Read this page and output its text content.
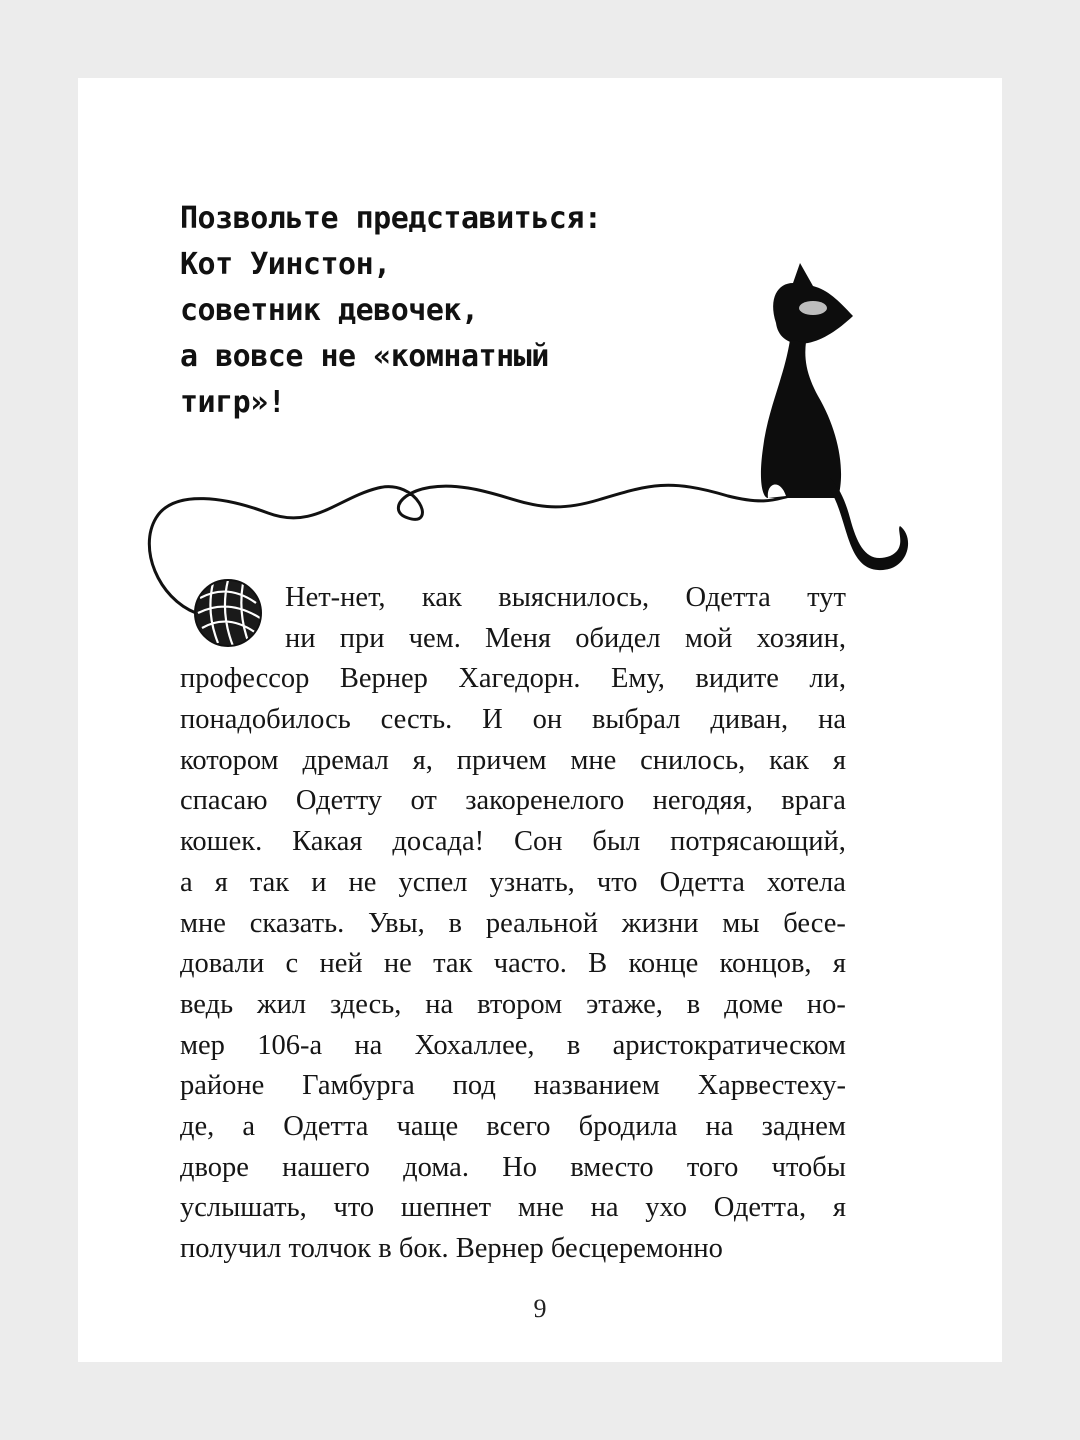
Позвольте представиться:
Кот Уинстон,
советник девочек,
а вовсе не «комнатный
тигр»!
Нет-нет, как выяснилось, Одетта тут
ни при чем. Меня обидел мой хозяин,
профессор Вернер Хагедорн. Ему, видите ли,
понадобилось сесть. И он выбрал диван, на
котором дремал я, причем мне снилось, как я
спасаю Одетту от закоренелого негодяя, врага
кошек. Какая досада! Сон был потрясающий,
а я так и не успел узнать, что Одетта хотела
мне сказать. Увы, в реальной жизни мы бесе-
довали с ней не так часто. В конце концов, я
ведь жил здесь, на втором этаже, в доме но-
мер 106-а на Хохаллее, в аристократическом
районе Гамбурга под названием Харвестеху-
де, а Одетта чаще всего бродила на заднем
дворе нашего дома. Но вместо того чтобы
услышать, что шепнет мне на ухо Одетта, я
получил толчок в бок. Вернер бесцеремонно
9
